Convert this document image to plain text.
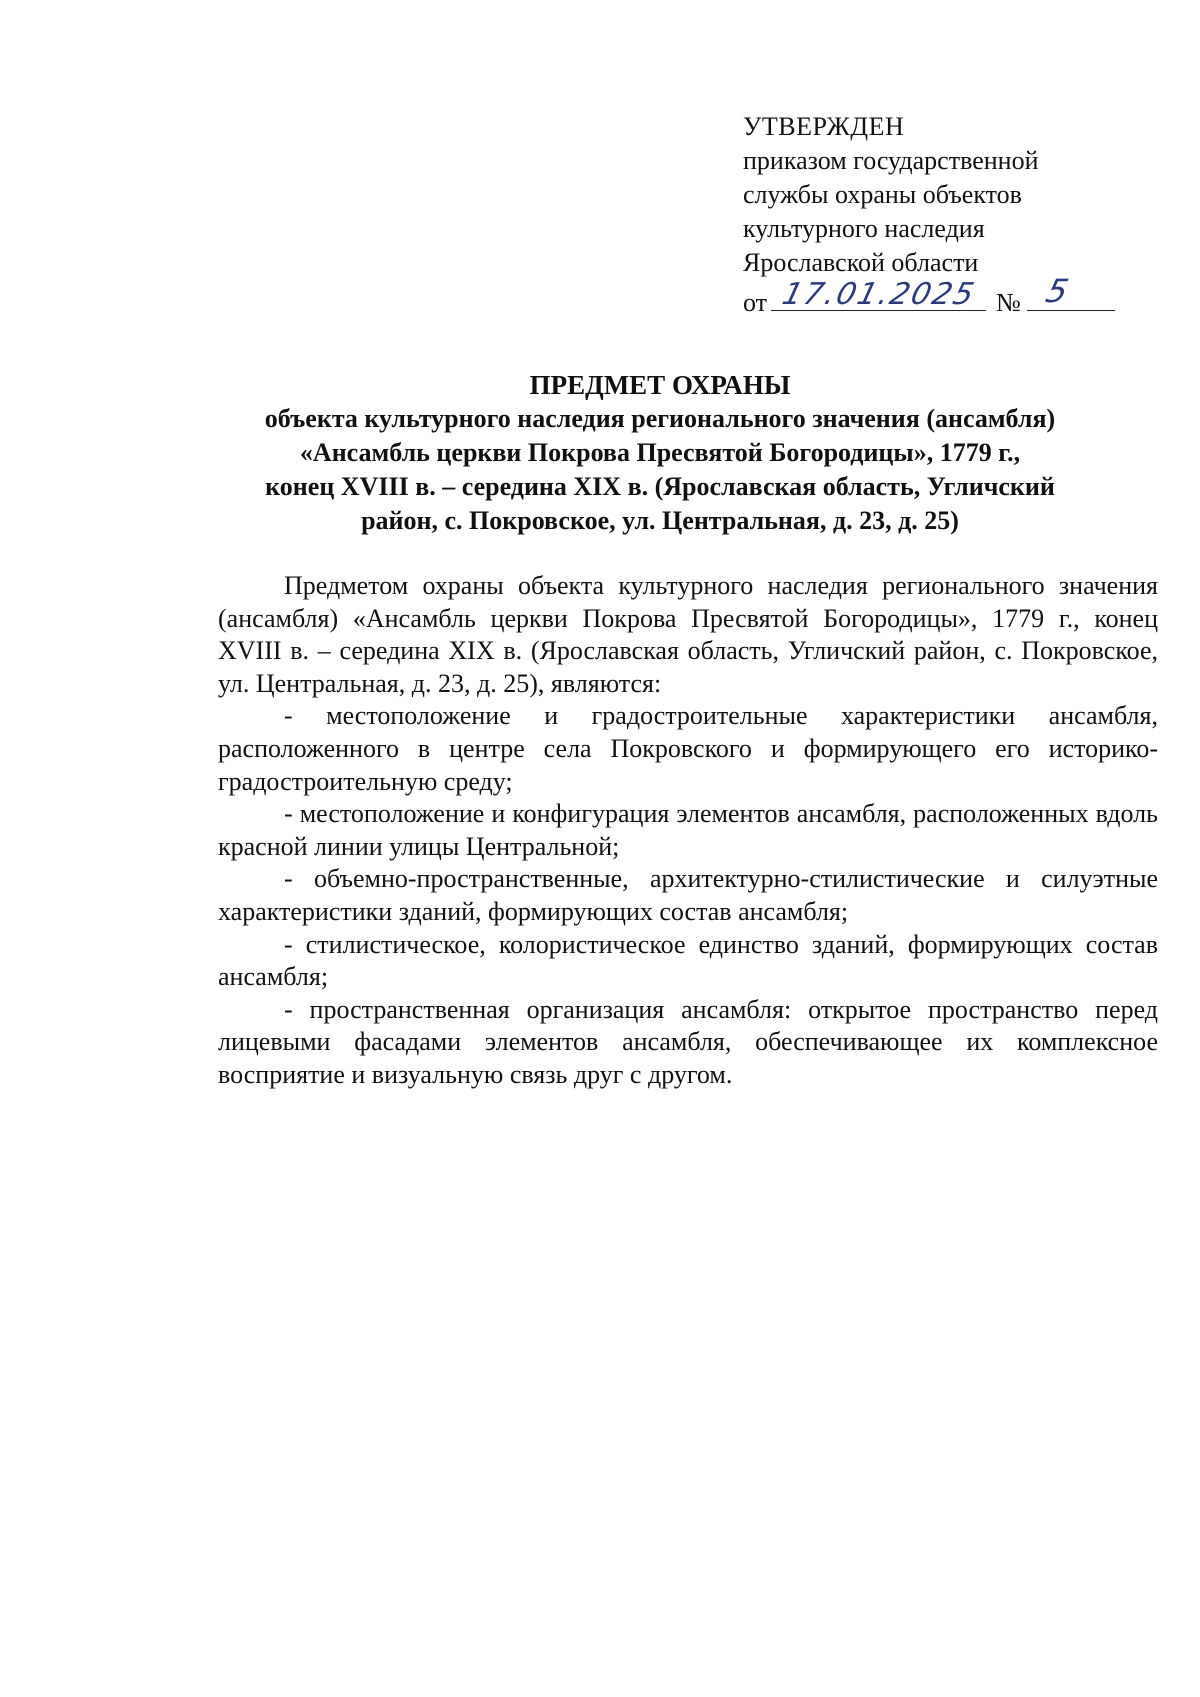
УТВЕРЖДЕН
приказом государственной
службы охраны объектов
культурного наследия
Ярославской области
от 17.01.2025 № 5
ПРЕДМЕТ ОХРАНЫ
объекта культурного наследия регионального значения (ансамбля)
«Ансамбль церкви Покрова Пресвятой Богородицы», 1779 г.,
конец XVIII в. – середина XIX в. (Ярославская область, Угличский
район, с. Покровское, ул. Центральная, д. 23, д. 25)

Предметом охраны объекта культурного наследия регионального значения (ансамбля) «Ансамбль церкви Покрова Пресвятой Богородицы», 1779 г., конец XVIII в. – середина XIX в. (Ярославская область, Угличский район, с. Покровское, ул. Центральная, д. 23, д. 25), являются:

- местоположение и градостроительные характеристики ансамбля, расположенного в центре села Покровского и формирующего его историко-градостроительную среду;

- местоположение и конфигурация элементов ансамбля, расположенных вдоль красной линии улицы Центральной;

- объемно-пространственные, архитектурно-стилистические и силуэтные характеристики зданий, формирующих состав ансамбля;

- стилистическое, колористическое единство зданий, формирующих состав ансамбля;

- пространственная организация ансамбля: открытое пространство перед лицевыми фасадами элементов ансамбля, обеспечивающее их комплексное восприятие и визуальную связь друг с другом.
